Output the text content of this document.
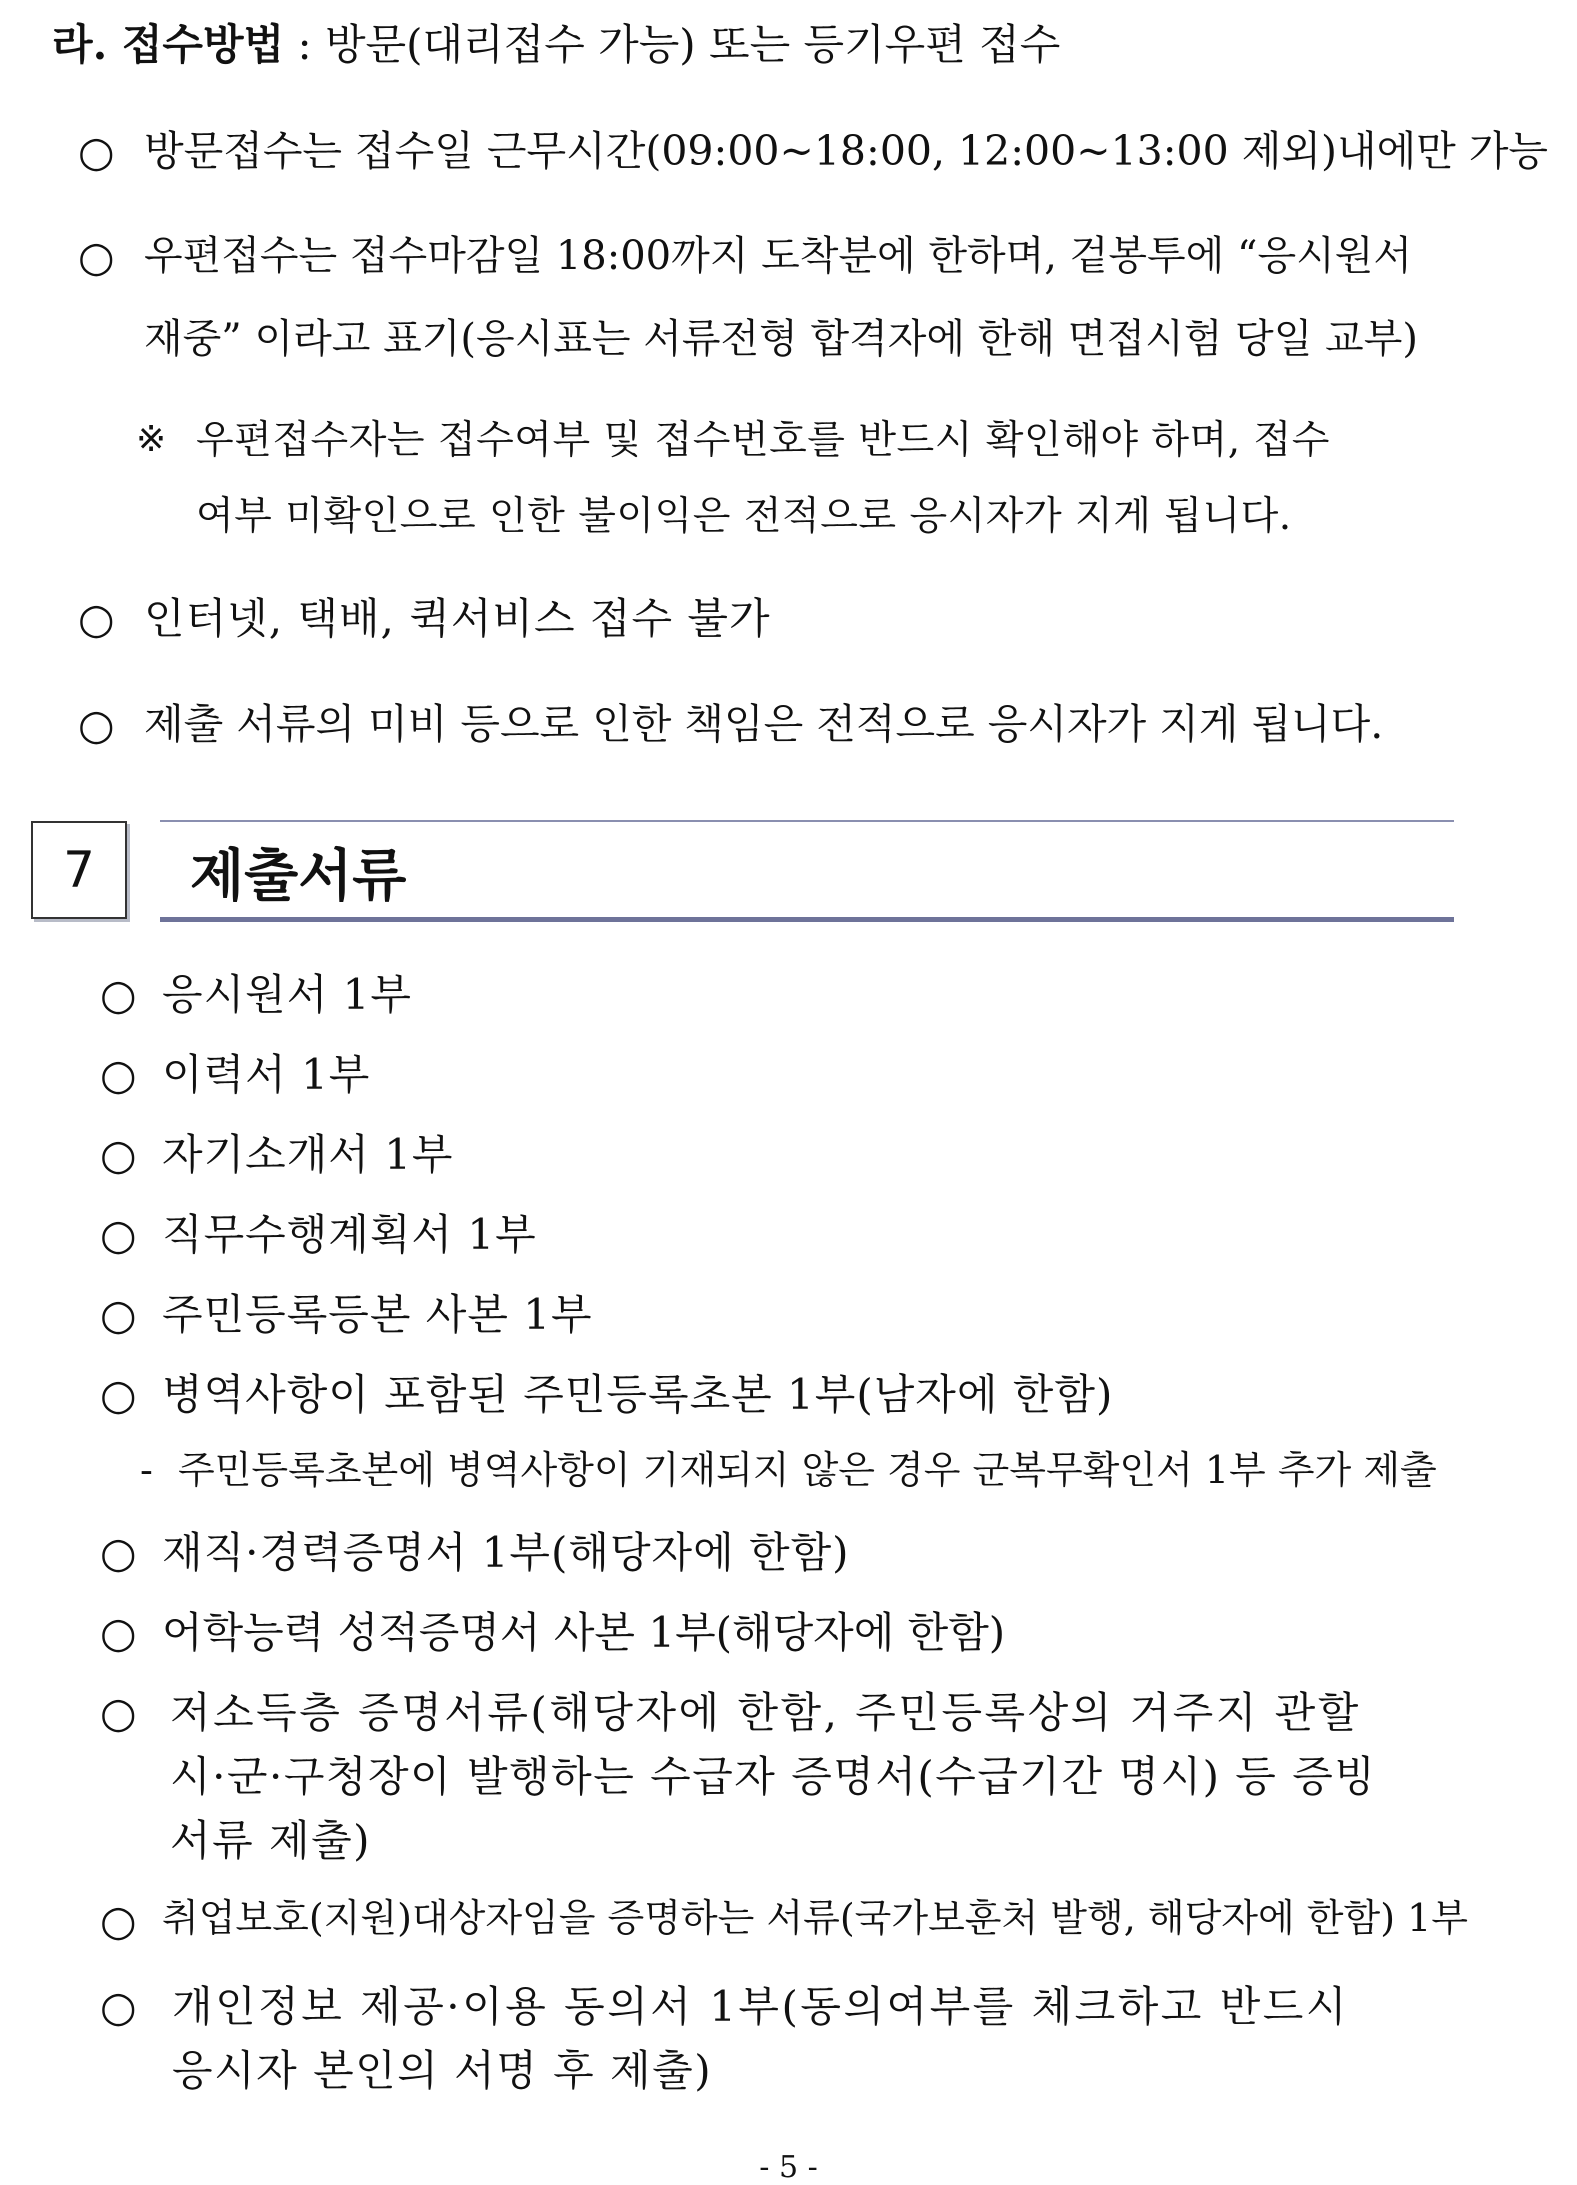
라. 접수방법 : 방문(대리접수 가능) 또는 등기우편 접수
○ 방문접수는 접수일 근무시간(09:00~18:00, 12:00~13:00 제외)내에만 가능
○ 우편접수는 접수마감일 18:00까지 도착분에 한하며, 겉봉투에 “응시원서
재중” 이라고 표기(응시표는 서류전형 합격자에 한해 면접시험 당일 교부)
※ 우편접수자는 접수여부 및 접수번호를 반드시 확인해야 하며, 접수
여부 미확인으로 인한 불이익은 전적으로 응시자가 지게 됩니다.
○ 인터넷, 택배, 퀵서비스 접수 불가
○ 제출 서류의 미비 등으로 인한 책임은 전적으로 응시자가 지게 됩니다.
7 제출서류
○ 응시원서 1부
○ 이력서 1부
○ 자기소개서 1부
○ 직무수행계획서 1부
○ 주민등록등본 사본 1부
○ 병역사항이 포함된 주민등록초본 1부(남자에 한함)
- 주민등록초본에 병역사항이 기재되지 않은 경우 군복무확인서 1부 추가 제출
○ 재직·경력증명서 1부(해당자에 한함)
○ 어학능력 성적증명서 사본 1부(해당자에 한함)
○ 저소득층 증명서류(해당자에 한함, 주민등록상의 거주지 관할
시·군·구청장이 발행하는 수급자 증명서(수급기간 명시) 등 증빙
서류 제출)
○ 취업보호(지원)대상자임을 증명하는 서류(국가보훈처 발행, 해당자에 한함) 1부
○ 개인정보 제공·이용 동의서 1부(동의여부를 체크하고 반드시
응시자 본인의 서명 후 제출)
- 5 -
